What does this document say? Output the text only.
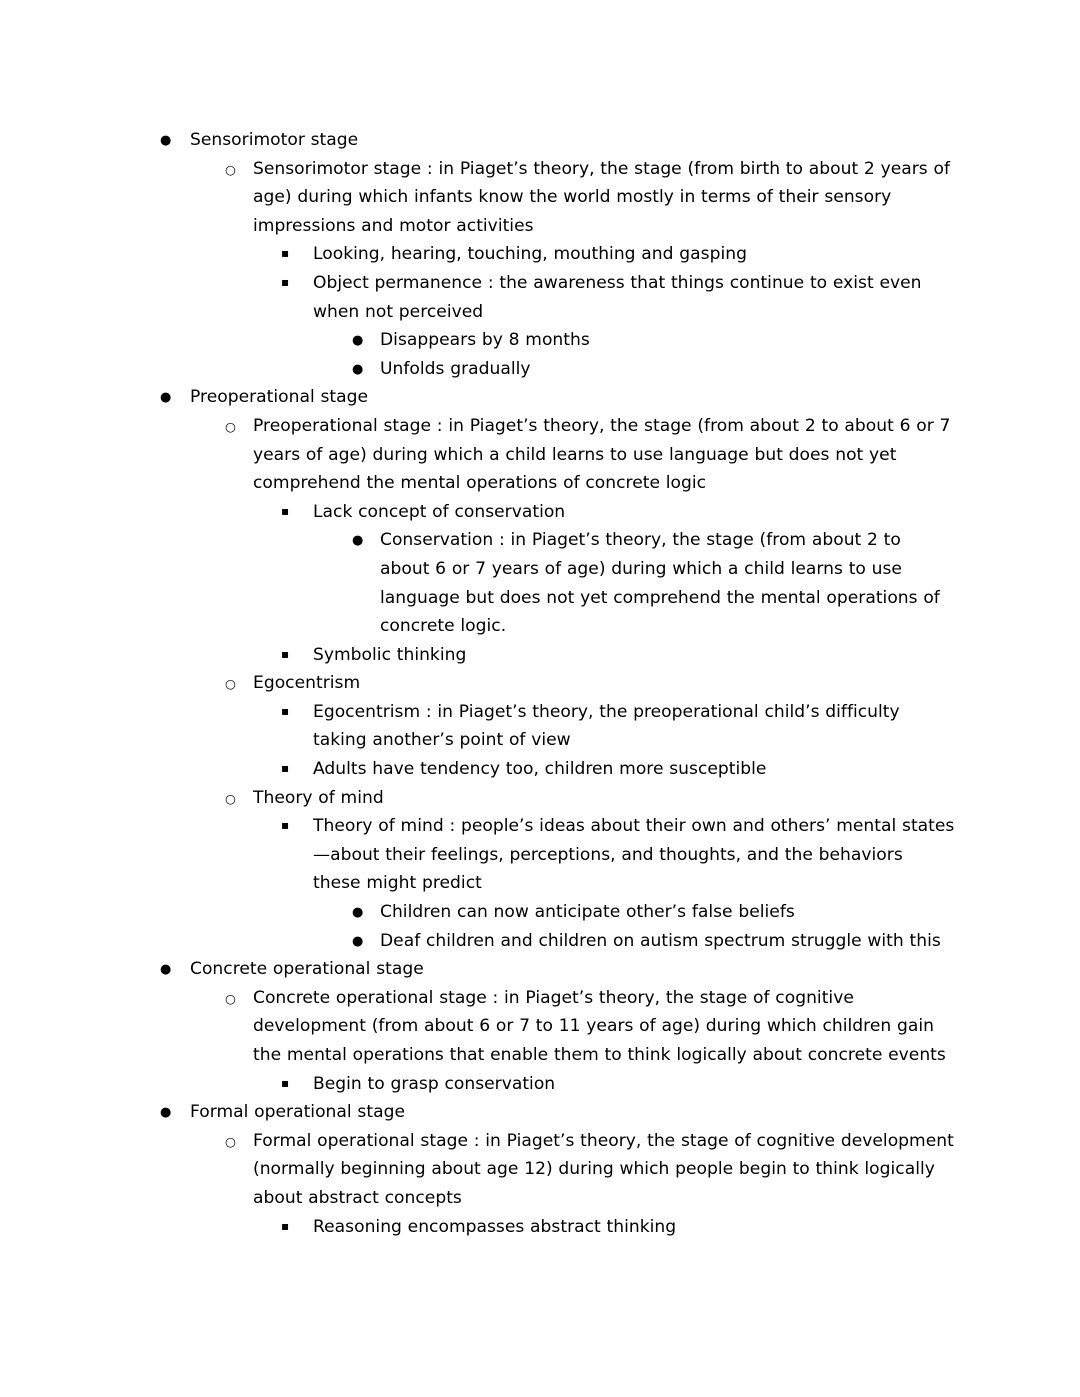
● Sensorimotor stage
○ Sensorimotor stage : in Piaget’s theory, the stage (from birth to about 2 years of age) during which infants know the world mostly in terms of their sensory impressions and motor activities
▪ Looking, hearing, touching, mouthing and gasping
▪ Object permanence : the awareness that things continue to exist even when not perceived
● Disappears by 8 months
● Unfolds gradually
● Preoperational stage
○ Preoperational stage : in Piaget’s theory, the stage (from about 2 to about 6 or 7 years of age) during which a child learns to use language but does not yet comprehend the mental operations of concrete logic
▪ Lack concept of conservation
● Conservation : in Piaget’s theory, the stage (from about 2 to about 6 or 7 years of age) during which a child learns to use language but does not yet comprehend the mental operations of concrete logic.
▪ Symbolic thinking
○ Egocentrism
▪ Egocentrism : in Piaget’s theory, the preoperational child’s difficulty taking another’s point of view
▪ Adults have tendency too, children more susceptible
○ Theory of mind
▪ Theory of mind : people’s ideas about their own and others’ mental states—about their feelings, perceptions, and thoughts, and the behaviors these might predict
● Children can now anticipate other’s false beliefs
● Deaf children and children on autism spectrum struggle with this
● Concrete operational stage
○ Concrete operational stage : in Piaget’s theory, the stage of cognitive development (from about 6 or 7 to 11 years of age) during which children gain the mental operations that enable them to think logically about concrete events
▪ Begin to grasp conservation
● Formal operational stage
○ Formal operational stage : in Piaget’s theory, the stage of cognitive development (normally beginning about age 12) during which people begin to think logically about abstract concepts
▪ Reasoning encompasses abstract thinking
